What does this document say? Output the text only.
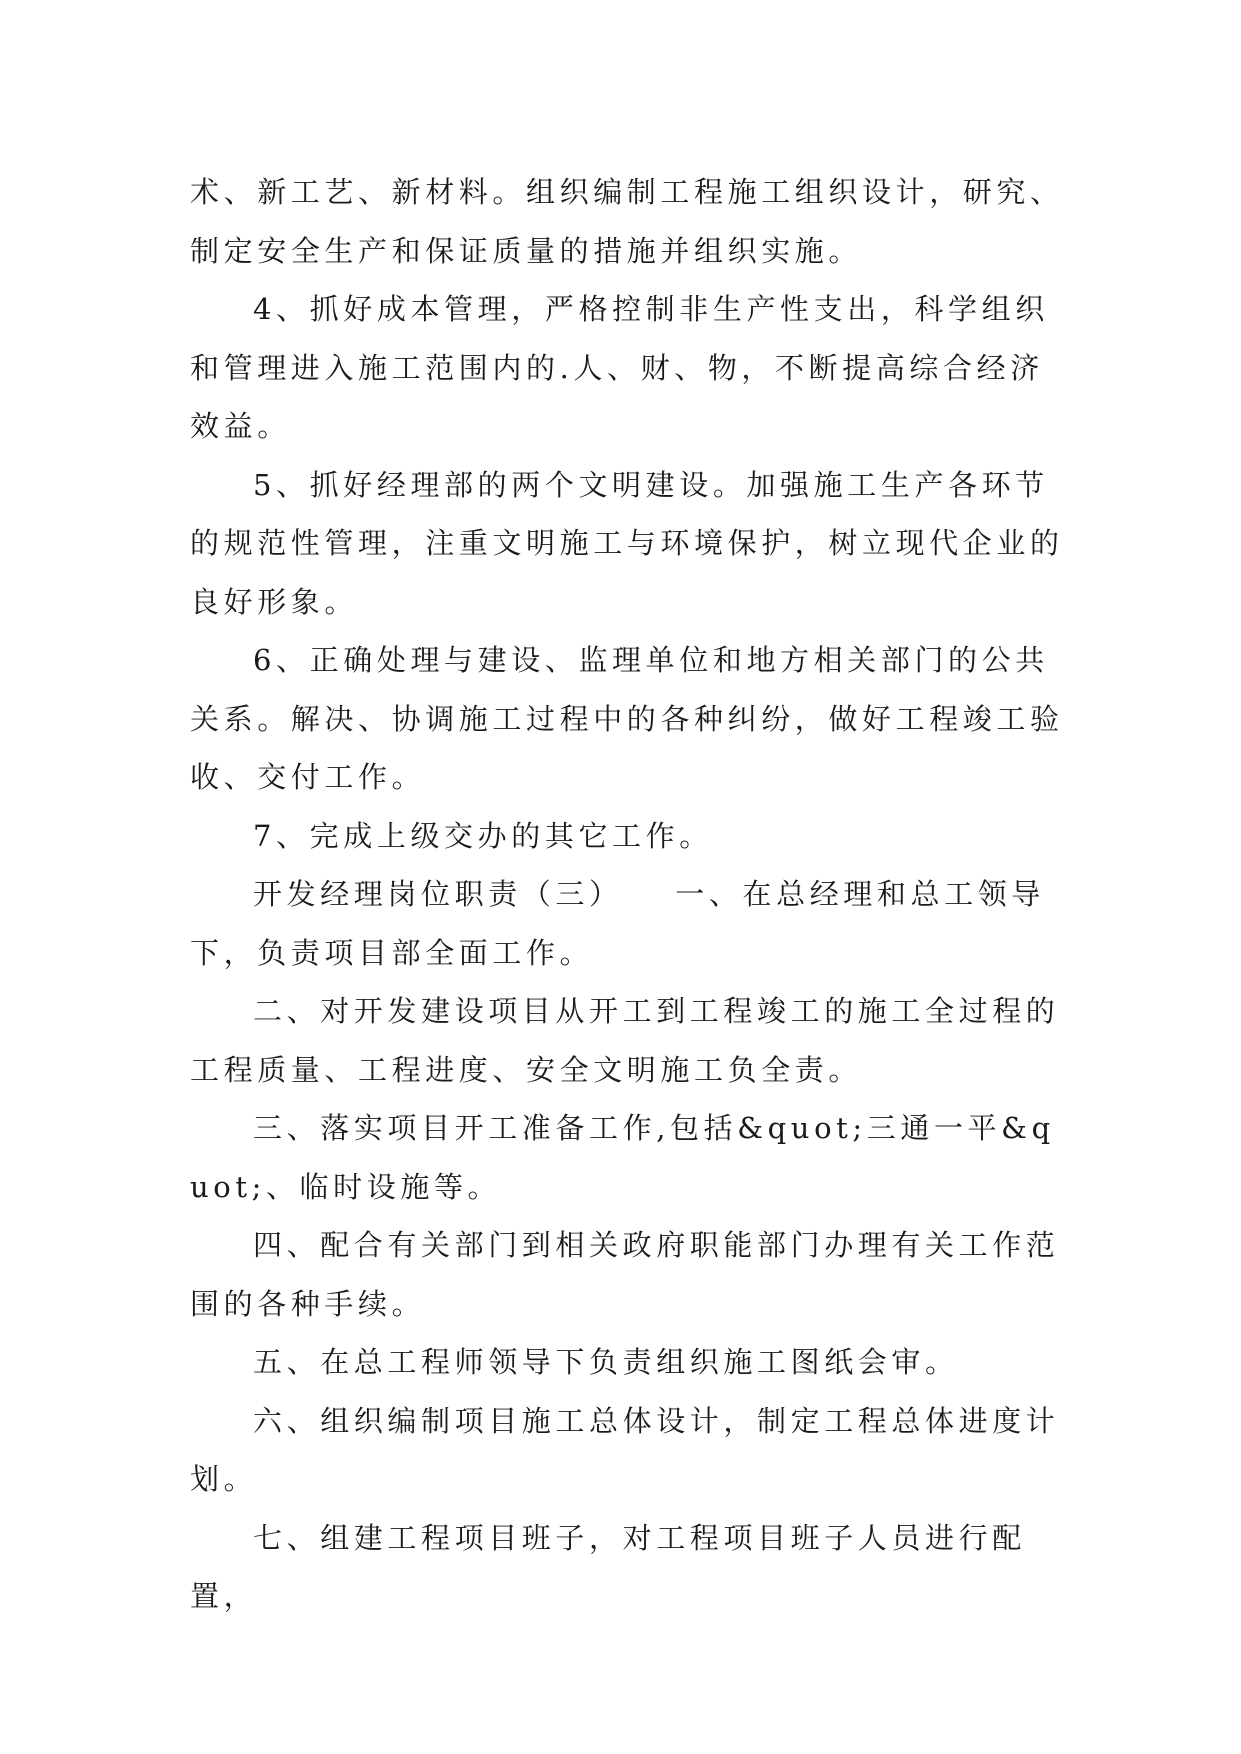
术、新工艺、新材料。组织编制工程施工组织设计，研究、制定安全生产和保证质量的措施并组织实施。

4、抓好成本管理，严格控制非生产性支出，科学组织和管理进入施工范围内的.人、财、物，不断提高综合经济效益。

5、抓好经理部的两个文明建设。加强施工生产各环节的规范性管理，注重文明施工与环境保护，树立现代企业的良好形象。

6、正确处理与建设、监理单位和地方相关部门的公共关系。解决、协调施工过程中的各种纠纷，做好工程竣工验收、交付工作。

7、完成上级交办的其它工作。

开发经理岗位职责（三）　　一、在总经理和总工领导下，负责项目部全面工作。

二、对开发建设项目从开工到工程竣工的施工全过程的工程质量、工程进度、安全文明施工负全责。

三、落实项目开工准备工作,包括&quot;三通一平&quot;、临时设施等。

四、配合有关部门到相关政府职能部门办理有关工作范围的各种手续。

五、在总工程师领导下负责组织施工图纸会审。

六、组织编制项目施工总体设计，制定工程总体进度计划。

七、组建工程项目班子，对工程项目班子人员进行配置，
